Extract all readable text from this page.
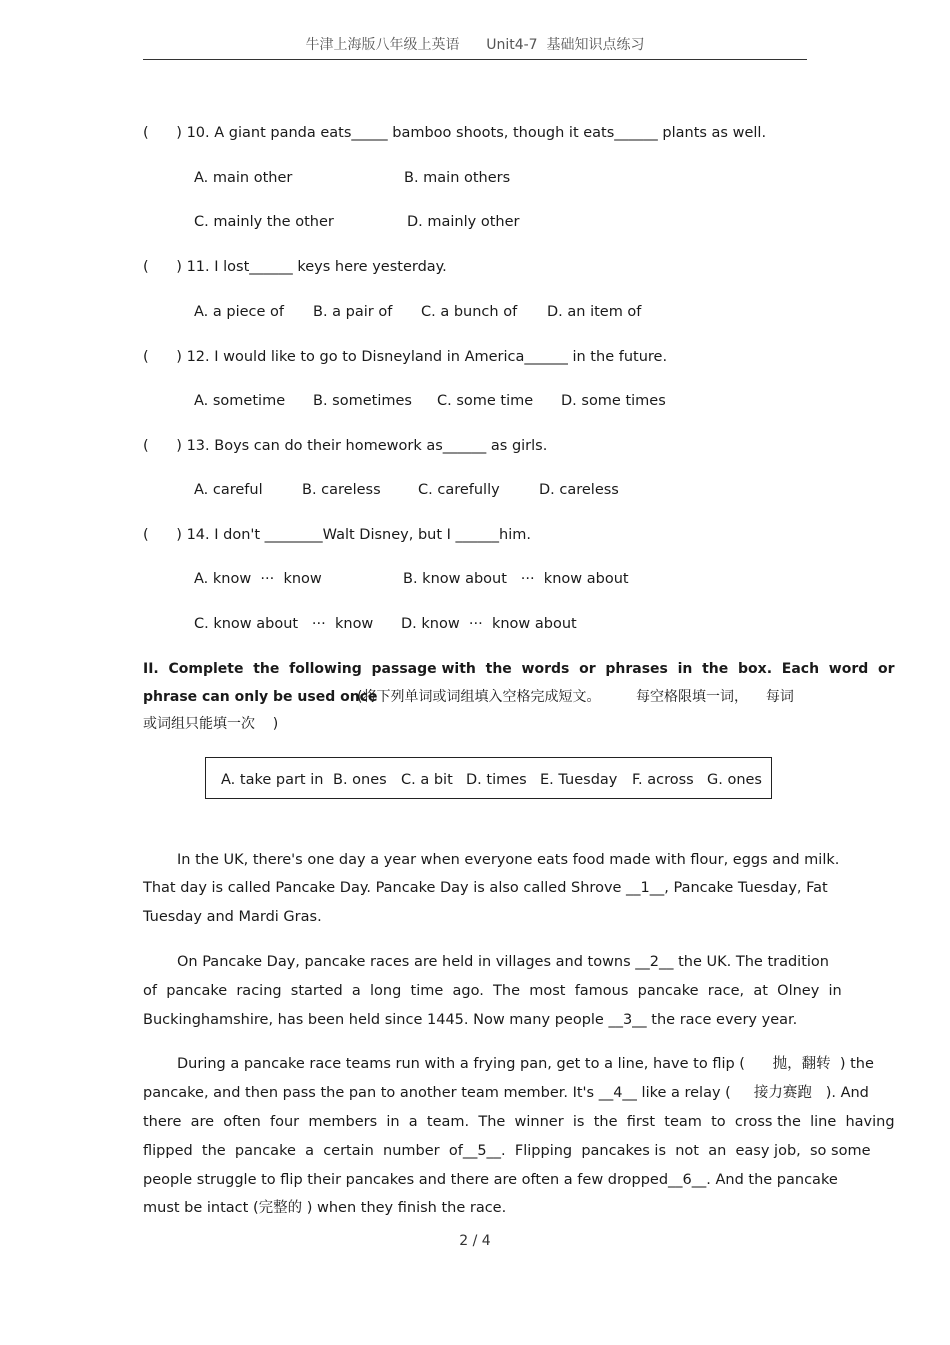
牛津上海版八年级上英语      Unit4-7  基础知识点练习
(      ) 10. A giant panda eats_____ bamboo shoots, though it eats______ plants as well.
A. main other	B. main others
C. mainly the other	D. mainly other
(      ) 11. I lost______ keys here yesterday.
A. a piece of B. a pair of C. a bunch of D. an item of
(      ) 12. I would like to go to Disneyland in America______ in the future.
A. sometime B. sometimes C. some time D. some times
(      ) 13. Boys can do their homework as______ as girls.
A. careful	B. careless	C. carefully	D. careless
(      ) 14. I don't ________Walt Disney, but I ______him.
A. know  ···  know	B. know about   ···  know about
C. know about   ···  know D. know  ···  know about
II.  Complete  the  following  passage with  the  words  or  phrases  in  the  box.  Each  word  or
phrase can only be used once
(将下列单词或词组填入空格完成短文。        每空格限填一词，    每词
或词组只能填一次    )
A. take part in B. ones C. a bit D. times E. Tuesday F. across G. ones
In the UK, there's one day a year when everyone eats food made with flour, eggs and milk.
That day is called Pancake Day. Pancake Day is also called Shrove __1__, Pancake Tuesday, Fat
Tuesday and Mardi Gras.
On Pancake Day, pancake races are held in villages and towns __2__ the UK. The tradition
of  pancake  racing  started  a  long  time  ago.  The  most  famous  pancake  race,  at  Olney  in
Buckinghamshire, has been held since 1445. Now many people __3__ the race every year.
During a pancake race teams run with a frying pan, get to a line, have to flip (      抛，翻转  ) the
pancake, and then pass the pan to another team member. It's __4__ like a relay (     接力赛跑   ). And
there  are  often  four  members  in  a  team.  The  winner  is  the  first  team  to  cross the  line  having
flipped  the  pancake  a  certain  number  of__5__.  Flipping  pancakes is  not  an  easy job,  so some
people struggle to flip their pancakes and there are often a few dropped__6__. And the pancake
must be intact (完整的 ) when they finish the race.
2 / 4
